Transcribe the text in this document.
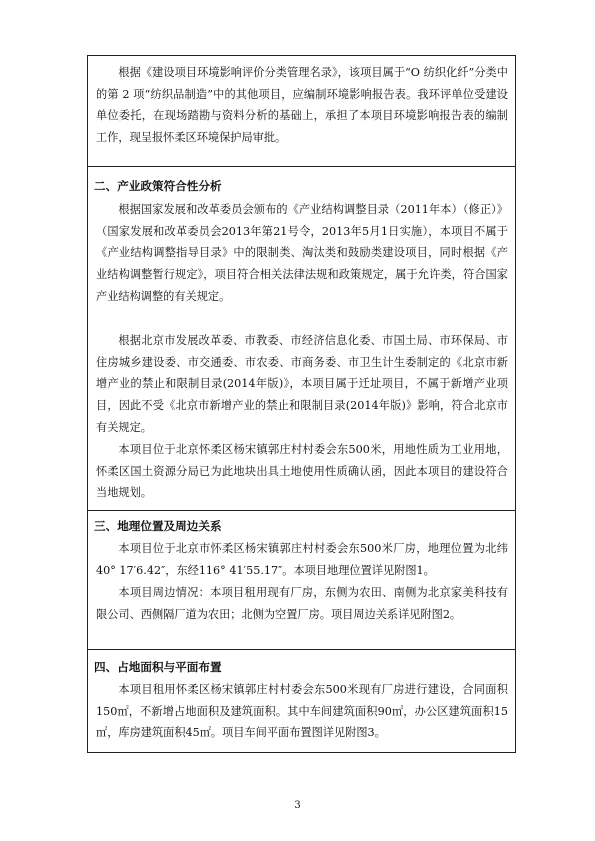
根据《建设项目环境影响评价分类管理名录》，该项目属于“O 纺织化纤”分类中的第 2 项“纺织品制造”中的其他项目，应编制环境影响报告表。我环评单位受建设单位委托，在现场踏勘与资料分析的基础上，承担了本项目环境影响报告表的编制工作，现呈报怀柔区环境保护局审批。

二、产业政策符合性分析

根据国家发展和改革委员会颁布的《产业结构调整目录（2011年本）（修正）》（国家发展和改革委员会2013年第21号令，2013年5月1日实施），本项目不属于《产业结构调整指导目录》中的限制类、淘汰类和鼓励类建设项目，同时根据《产业结构调整暂行规定》，项目符合相关法律法规和政策规定，属于允许类，符合国家产业结构调整的有关规定。

根据北京市发展改革委、市教委、市经济信息化委、市国土局、市环保局、市住房城乡建设委、市交通委、市农委、市商务委、市卫生计生委制定的《北京市新增产业的禁止和限制目录(2014年版)》，本项目属于迁址项目，不属于新增产业项目，因此不受《北京市新增产业的禁止和限制目录(2014年版)》影响，符合北京市有关规定。

本项目位于北京怀柔区杨宋镇郭庄村村委会东500米，用地性质为工业用地，怀柔区国土资源分局已为此地块出具土地使用性质确认函，因此本项目的建设符合当地规划。

三、地理位置及周边关系

本项目位于北京市怀柔区杨宋镇郭庄村村委会东500米厂房，地理位置为北纬40° 17′6.42″，东经116° 41′55.17″。本项目地理位置详见附图1。

本项目周边情况：本项目租用现有厂房，东侧为农田、南侧为北京家美科技有限公司、西侧隔厂道为农田；北侧为空置厂房。项目周边关系详见附图2。

四、占地面积与平面布置

本项目租用怀柔区杨宋镇郭庄村村委会东500米现有厂房进行建设，合同面积150㎡，不新增占地面积及建筑面积。其中车间建筑面积90㎡，办公区建筑面积15㎡，库房建筑面积45㎡。项目车间平面布置图详见附图3。

3
